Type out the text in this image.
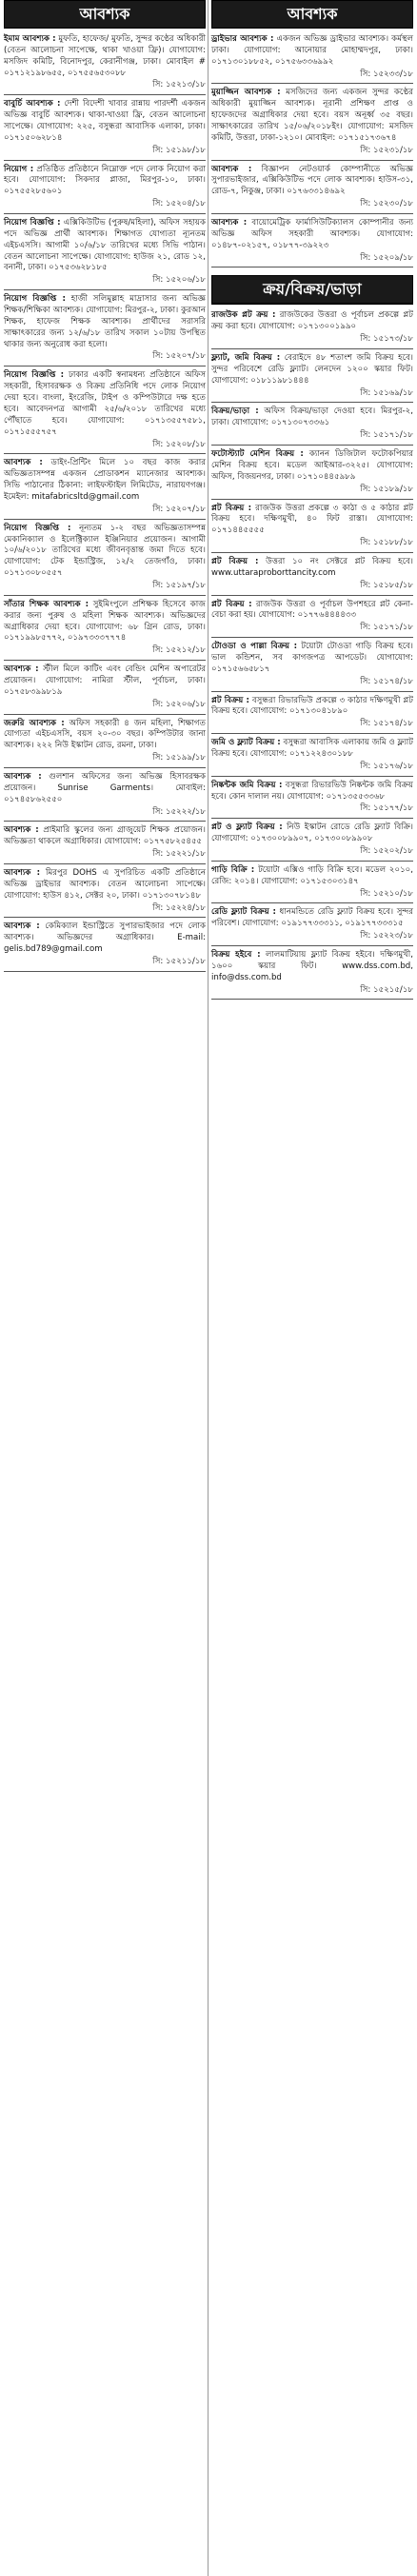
আবশ্যক
ইমাম আবশ্যক : মুফতি, হাফেজ/ মুফতি, সুন্দর কণ্ঠের অধিকারী (বেতন আলোচনা সাপেক্ষে, থাকা খাওয়া ফ্রি)। যোগাযোগ: মসজিদ কমিটি, বিনোদপুর, কেরানীগঞ্জ, ঢাকা। মোবাইল # ০১৭১২১৯৮৬৫৫, ০১৭৫৫৬৫৩০৮৮
সি: ১৫২১৩/১৮
বাবুর্চি আবশ্যক : দেশী বিদেশী খাবার রান্নায় পারদর্শী একজন অভিজ্ঞ বাবুর্চি আবশ্যক। থাকা-খাওয়া ফ্রি, বেতন আলোচনা সাপেক্ষে। যোগাযোগ: ২২৫, বসুন্ধরা আবাসিক এলাকা, ঢাকা। ০১৭১৫০৬২৮১৪
সি: ১৫১৯৮/১৮
নিয়োগ : প্রতিষ্ঠিত প্রতিষ্ঠানে নিম্নোক্ত পদে লোক নিয়োগ করা হবে। যোগাযোগ: সিকদার প্লাজা, মিরপুর-১০, ঢাকা। ০১৭৫৫২৮৫৬০১
সি: ১৫২০৪/১৮
নিয়োগ বিজ্ঞপ্তি : এক্সিকিউটিভ (পুরুষ/মহিলা), অফিস সহায়ক পদে অভিজ্ঞ প্রার্থী আবশ্যক। শিক্ষাগত যোগ্যতা ন্যূনতম এইচএসসি। আগামী ১০/৬/১৮ তারিখের মধ্যে সিভি পাঠান। বেতন আলোচনা সাপেক্ষে। যোগাযোগ: হাউজ ২১, রোড ১২, বনানী, ঢাকা। ০১৭৫৩৬২৮১৮৫
সি: ১৫২০৬/১৮
নিয়োগ বিজ্ঞপ্তি : হাজী সলিমুল্লাহ মাদ্রাসার জন্য অভিজ্ঞ শিক্ষক/শিক্ষিকা আবশ্যক। যোগাযোগ: মিরপুর-২, ঢাকা। কুরআন শিক্ষক, হাফেজ শিক্ষক আবশ্যক। প্রার্থীদের সরাসরি সাক্ষাৎকারের জন্য ১২/৬/১৮ তারিখ সকাল ১০টায় উপস্থিত থাকার জন্য অনুরোধ করা হলো।
সি: ১৫২০৭/১৮
নিয়োগ বিজ্ঞপ্তি : ঢাকার একটি স্বনামধন্য প্রতিষ্ঠানে অফিস সহকারী, হিসাবরক্ষক ও বিক্রয় প্রতিনিধি পদে লোক নিয়োগ দেয়া হবে। বাংলা, ইংরেজি, টাইপ ও কম্পিউটারে দক্ষ হতে হবে। আবেদনপত্র আগামী ২৫/৬/২০১৮ তারিখের মধ্যে পৌঁছাতে হবে। যোগাযোগ: ০১৭১৩৫৫৭৫৮১, ০১৭১৫৫৫৭৫৭
সি: ১৫২০৮/১৮
আবশ্যক : ডাইং-প্রিন্টিং মিলে ১০ বছর কাজ করার অভিজ্ঞতাসম্পন্ন একজন প্রোডাকশন ম্যানেজার আবশ্যক। সিভি পাঠানোর ঠিকানা: লাইফস্টাইল লিমিটেড, নারায়ণগঞ্জ। ইমেইল: mitafabricsltd@gmail.com
সি: ১৫২০৭/১৮
নিয়োগ বিজ্ঞপ্তি : নূন্যতম ১-২ বছর অভিজ্ঞতাসম্পন্ন মেকানিক্যাল ও ইলেক্ট্রিক্যাল ইঞ্জিনিয়ার প্রয়োজন। আগামী ১০/৬/২০১৮ তারিখের মধ্যে জীবনবৃত্তান্ত জমা দিতে হবে। যোগাযোগ: টেক ইন্ডাস্ট্রিজ, ১২/২ তেজগাঁও, ঢাকা। ০১৭১৩০৮০৫৫৭
সি: ১৫১৯৭/১৮
সাঁতার শিক্ষক আবশ্যক : সুইমিংপুলে প্রশিক্ষক হিসেবে কাজ করার জন্য পুরুষ ও মহিলা শিক্ষক আবশ্যক। অভিজ্ঞদের অগ্রাধিকার দেয়া হবে। যোগাযোগ: ৬৮ গ্রিন রোড, ঢাকা। ০১৭১৯৯৮৫৭৭২, ০১৯৭৩৩৩৭৭৭৪
সি: ১৫২১২/১৮
আবশ্যক : স্টীল মিলে কাটিং এবং বেন্ডিং মেশিন অপারেটর প্রয়োজন। যোগাযোগ: নামিরা স্টীল, পূর্বাচল, ঢাকা। ০১৭৫৮৩৯৯৮১৯
সি: ১৫২০৬/১৮
জরুরি আবশ্যক : অফিস সহকারী ৪ জন মহিলা, শিক্ষাগত যোগ্যতা এইচএসসি, বয়স ২০-৩০ বছর। কম্পিউটার জানা আবশ্যক। ২২২ নিউ ইস্কাটন রোড, রমনা, ঢাকা।
সি: ১৫১৯৯/১৮
আবশ্যক : গুলশান অফিসের জন্য অভিজ্ঞ হিসাবরক্ষক প্রয়োজন। Sunrise Garments। মোবাইল: ০১৭৪৫৮৬২৫৫০
সি: ১৫২২২/১৮
আবশ্যক : প্রাইমারি স্কুলের জন্য গ্রাজুয়েট শিক্ষক প্রয়োজন। অভিজ্ঞতা থাকলে অগ্রাধিকার। যোগাযোগ: ০১৭৭৫৮২৫৪৫৫
সি: ১৫২২১/১৮
আবশ্যক : মিরপুর DOHS এ সুপরিচিত একটি প্রতিষ্ঠানে অভিজ্ঞ ড্রাইভার আবশ্যক। বেতন আলোচনা সাপেক্ষে। যোগাযোগ: হাউস ৪১২, সেক্টর ২০, ঢাকা। ০১৭১৩০৭৮১৪৮
সি: ১৫২২৪/১৮
আবশ্যক : কেমিক্যাল ইন্ডাস্ট্রিতে সুপারভাইজার পদে লোক আবশ্যক। অভিজ্ঞদের অগ্রাধিকার। E-mail: gelis.bd789@gmail.com
সি: ১৫২১১/১৮
আবশ্যক
ড্রাইভার আবশ্যক : একজন অভিজ্ঞ ড্রাইভার আবশ্যক। কর্মস্থল ঢাকা। যোগাযোগ: আনোয়ার মোহাম্মদপুর, ঢাকা। ০১৭১৩০১৮৮৫২, ০১৭৫৬৩৩৬৯৯২
সি: ১৫২৩৩/১৮
মুয়াজ্জিন আবশ্যক : মসজিদের জন্য একজন সুন্দর কণ্ঠের অধিকারী মুয়াজ্জিন আবশ্যক। নূরানী প্রশিক্ষণ প্রাপ্ত ও হাফেজদের অগ্রাধিকার দেয়া হবে। বয়স অনূর্ধ্ব ৩৫ বছর। সাক্ষাৎকারের তারিখ ১৫/০৬/২০১৮ইং। যোগাযোগ: মসজিদ কমিটি, উত্তরা, ঢাকা-১২১০। মোবাইল: ০১৭১৫১৭৩৬৭৪
সি: ১৫২৩১/১৮
আবশ্যক : বিজ্ঞাপন নেটওয়ার্ক কোম্পানীতে অভিজ্ঞ সুপারভাইজার, এক্সিকিউটিভ পদে লোক আবশ্যক। হাউস-৩১, রোড-৭, নিকুঞ্জ, ঢাকা। ০১৭৬৩৩১৪৬৯২
সি: ১৫২৩০/১৮
আবশ্যক : বায়োমেট্রিক ফার্মাসিউটিক্যালস কোম্পানীর জন্য অভিজ্ঞ অফিস সহকারী আবশ্যক। যোগাযোগ: ০১৪৮৭-০২১৫৭, ০১৮৭৭-৩৯২২৩
সি: ১৫২০৯/১৮
ক্রয়/বিক্রয়/ভাড়া
রাজউক প্লট ক্রয় : রাজউকের উত্তরা ও পূর্বাচল প্রকল্পে প্লট ক্রয় করা হবে। যোগাযোগ: ০১৭১৩০০১৯৯০
সি: ১৫১৭৩/১৮
ফ্ল্যাট, জমি বিক্রয় : বেরাইদে ৪৮ শতাংশ জমি বিক্রয় হবে। সুন্দর পরিবেশে রেডি ফ্ল্যাট। লেনদেন ১২০০ স্কয়ার ফিট। যোগাযোগ: ০১৮১১৯৮১৪৪৪
সি: ১৫১৬৯/১৮
বিক্রয়/ভাড়া : অফিস বিক্রয়/ভাড়া দেওয়া হবে। মিরপুর-২, ঢাকা। যোগাযোগ: ০১৭১৩০৭৩৩৬১
সি: ১৫১৭১/১৮
ফটোস্ট্যাট মেশিন বিক্রয় : ক্যানন ডিজিটাল ফটোকপিয়ার মেশিন বিক্রয় হবে। মডেল আইআর-৩২২৫। যোগাযোগ: অফিস, বিজয়নগর, ঢাকা। ০১৭১০৪৪৫৯৮৯
সি: ১৫১৮৯/১৮
প্লট বিক্রয় : রাজউক উত্তরা প্রকল্পে ৩ কাঠা ও ৫ কাঠার প্লট বিক্রয় হবে। দক্ষিণমুখী, ৪০ ফিট রাস্তা। যোগাযোগ: ০১৭১৪৪৫৫৫৫
সি: ১৫১৮৮/১৮
প্লট বিক্রয় : উত্তরা ১০ নং সেক্টরে প্লট বিক্রয় হবে। www.uttaraproborttancity.com
সি: ১৫১৮৫/১৮
প্লট বিক্রয় : রাজউক উত্তরা ও পূর্বাচল উপশহরে প্লট কেনা-বেচা করা হয়। যোগাযোগ: ০১৭৭৬৪৪৪৪৩৩
সি: ১৫১৭১/১৮
টোওডা ও পাল্লা বিক্রয় : টয়োটা টোওডা গাড়ি বিক্রয় হবে। ভাল কন্ডিশন, সব কাগজপত্র আপডেট। যোগাযোগ: ০১৭১৫৬৬৫৮১৭
সি: ১৫১৭৪/১৮
প্লট বিক্রয় : বসুন্ধরা রিভারভিউ প্রকল্পে ৩ কাঠার দক্ষিণমুখী প্লট বিক্রয় হবে। যোগাযোগ: ০১৭১৩০৪১৮৯০
সি: ১৫১৭৪/১৮
জমি ও ফ্ল্যাট বিক্রয় : বসুন্ধরা আবাসিক এলাকায় জমি ও ফ্ল্যাট বিক্রয় হবে। যোগাযোগ: ০১৭১২২৪৩০১৮৮
সি: ১৫১৭৬/১৮
নিষ্কন্টক জমি বিক্রয় : বসুন্ধরা রিভারভিউ নিষ্কন্টক জমি বিক্রয় হবে। কোন দালাল নয়। যোগাযোগ: ০১৭১৩৫৫৩৩৬৮
সি: ১৫১৭৭/১৮
প্লট ও ফ্ল্যাট বিক্রয় : নিউ ইস্কাটন রোডে রেডি ফ্ল্যাট বিক্রি। যোগাযোগ: ০১৭৩০০৮৯৯০৭, ০১৭৩০০৮৯৯০৮
সি: ১৫২০২/১৮
গাড়ি বিক্রি : টয়োটা এক্সিও গাড়ি বিক্রি হবে। মডেল ২০১০, রেজি: ২০১৪। যোগাযোগ: ০১৭১৫৩০৩১৪৭
সি: ১৫২১০/১৮
রেডি ফ্ল্যাট বিক্রয় : ধানমন্ডিতে রেডি ফ্ল্যাট বিক্রয় হবে। সুন্দর পরিবেশ। যোগাযোগ: ০১৯১৭৭৩৩৩১১, ০১৯১৭৭৩৩৩১৫
সি: ১৫২২৩/১৮
বিক্রয় হইবে : লালমাটিয়ায় ফ্ল্যাট বিক্রয় হইবে। দক্ষিণমুখী, ১৬০০ স্কয়ার ফিট। www.dss.com.bd, info@dss.com.bd
সি: ১৫২১৫/১৮
